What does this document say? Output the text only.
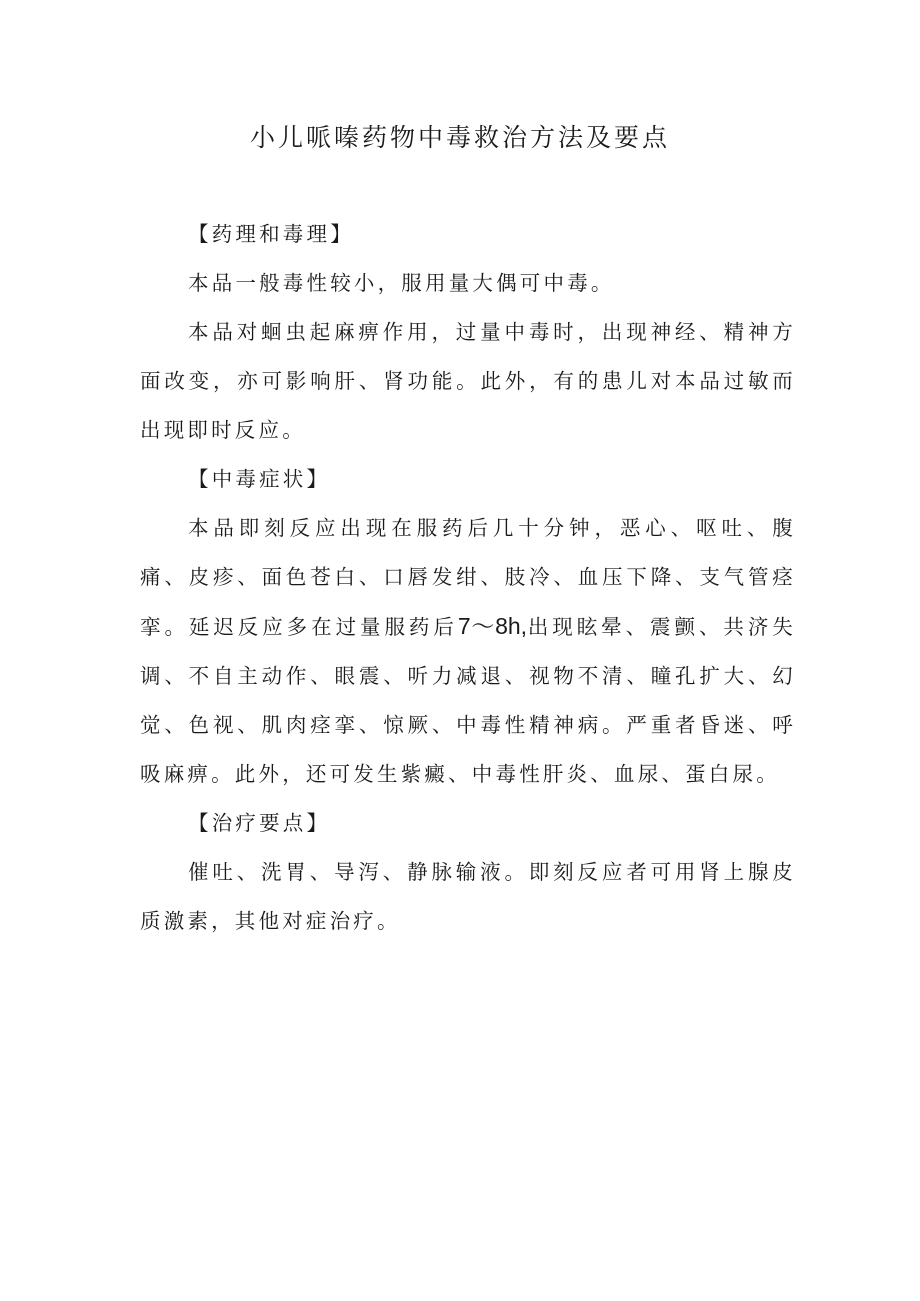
小儿哌嗪药物中毒救治方法及要点

【药理和毒理】

本品一般毒性较小，服用量大偶可中毒。

本品对蛔虫起麻痹作用，过量中毒时，出现神经、精神方面改变，亦可影响肝、肾功能。此外，有的患儿对本品过敏而出现即时反应。

【中毒症状】

本品即刻反应出现在服药后几十分钟，恶心、呕吐、腹痛、皮疹、面色苍白、口唇发绀、肢冷、血压下降、支气管痉挛。延迟反应多在过量服药后7～8h,出现眩晕、震颤、共济失调、不自主动作、眼震、听力减退、视物不清、瞳孔扩大、幻觉、色视、肌肉痉挛、惊厥、中毒性精神病。严重者昏迷、呼吸麻痹。此外，还可发生紫癜、中毒性肝炎、血尿、蛋白尿。

【治疗要点】

催吐、洗胃、导泻、静脉输液。即刻反应者可用肾上腺皮质激素，其他对症治疗。
